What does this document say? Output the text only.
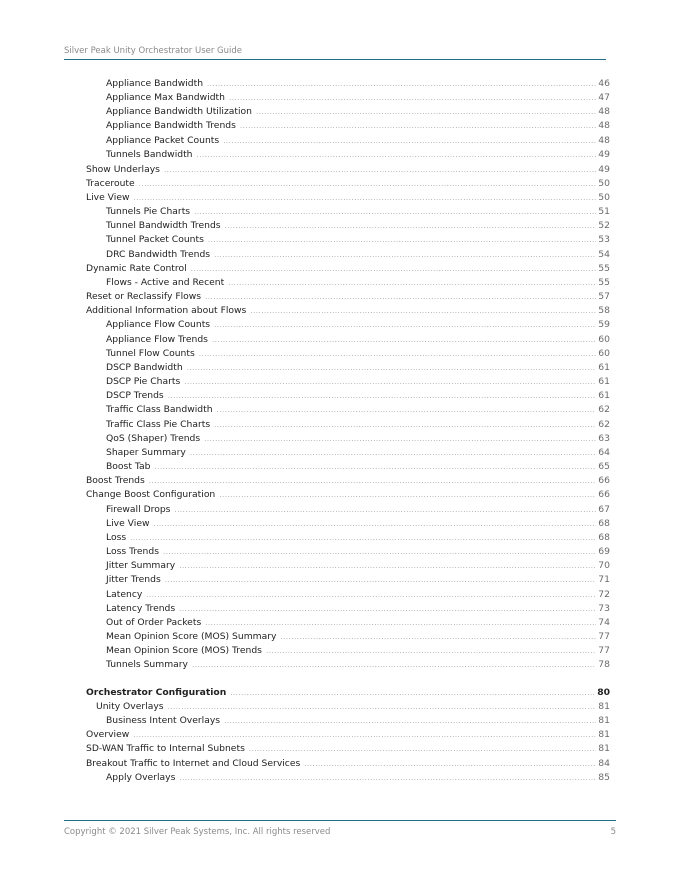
Silver Peak Unity Orchestrator User Guide
Appliance Bandwidth .....	46
Appliance Max Bandwidth .....	47
Appliance Bandwidth Utilization .....	48
Appliance Bandwidth Trends .....	48
Appliance Packet Counts .....	48
Tunnels Bandwidth .....	49
Show Underlays .....	49
Traceroute .....	50
Live View .....	50
Tunnels Pie Charts .....	51
Tunnel Bandwidth Trends .....	52
Tunnel Packet Counts .....	53
DRC Bandwidth Trends .....	54
Dynamic Rate Control .....	55
Flows - Active and Recent .....	55
Reset or Reclassify Flows .....	57
Additional Information about Flows .....	58
Appliance Flow Counts .....	59
Appliance Flow Trends .....	60
Tunnel Flow Counts .....	60
DSCP Bandwidth .....	61
DSCP Pie Charts .....	61
DSCP Trends .....	61
Traffic Class Bandwidth .....	62
Traffic Class Pie Charts .....	62
QoS (Shaper) Trends .....	63
Shaper Summary .....	64
Boost Tab .....	65
Boost Trends .....	66
Change Boost Configuration .....	66
Firewall Drops .....	67
Live View .....	68
Loss .....	68
Loss Trends .....	69
Jitter Summary .....	70
Jitter Trends .....	71
Latency .....	72
Latency Trends .....	73
Out of Order Packets .....	74
Mean Opinion Score (MOS) Summary .....	77
Mean Opinion Score (MOS) Trends .....	77
Tunnels Summary .....	78
Orchestrator Configuration .....	80
Unity Overlays .....	81
Business Intent Overlays .....	81
Overview .....	81
SD-WAN Traffic to Internal Subnets .....	81
Breakout Traffic to Internet and Cloud Services .....	84
Apply Overlays .....	85
Copyright © 2021 Silver Peak Systems, Inc. All rights reserved	5
